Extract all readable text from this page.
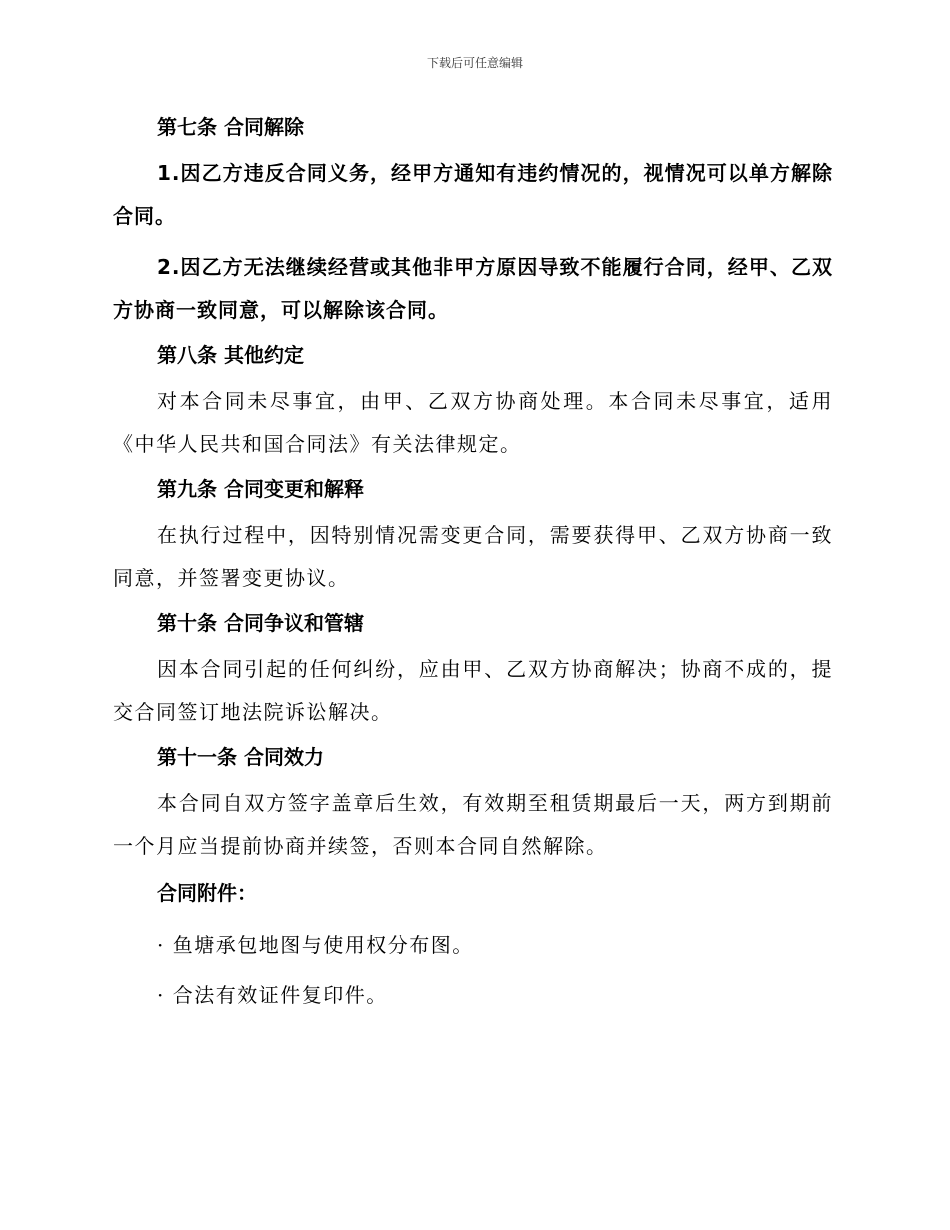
下载后可任意编辑
第七条 合同解除

1.因乙方违反合同义务，经甲方通知有违约情况的，视情况可以单方解除合同。

2.因乙方无法继续经营或其他非甲方原因导致不能履行合同，经甲、乙双方协商一致同意，可以解除该合同。

第八条 其他约定

对本合同未尽事宜，由甲、乙双方协商处理。本合同未尽事宜，适用《中华人民共和国合同法》有关法律规定。

第九条 合同变更和解释

在执行过程中，因特别情况需变更合同，需要获得甲、乙双方协商一致同意，并签署变更协议。

第十条 合同争议和管辖

因本合同引起的任何纠纷，应由甲、乙双方协商解决；协商不成的，提交合同签订地法院诉讼解决。

第十一条 合同效力

本合同自双方签字盖章后生效，有效期至租赁期最后一天，两方到期前一个月应当提前协商并续签，否则本合同自然解除。

合同附件：
· 鱼塘承包地图与使用权分布图。
· 合法有效证件复印件。
